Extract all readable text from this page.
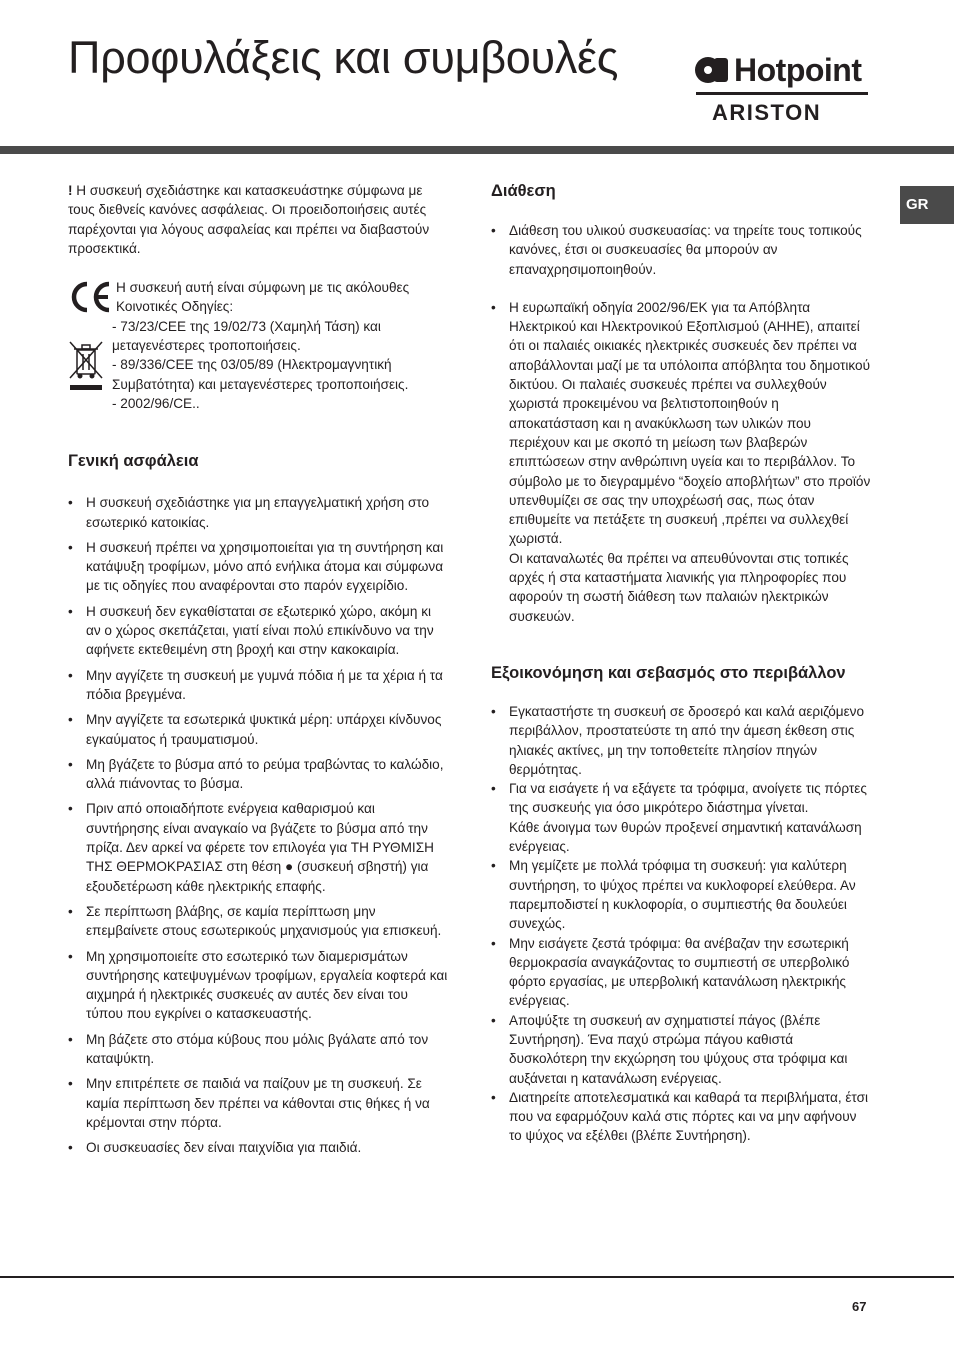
Προφυλάξεις και συμβουλές	Hotpoint
ARISTON
GR

! Η συσκευή σχεδιάστηκε και κατασκευάστηκε σύμφωνα με τους διεθνείς κανόνες ασφάλειας. Οι προειδοποιήσεις αυτές παρέχονται για λόγους ασφαλείας και πρέπει να διαβαστούν προσεκτικά.

Η συσκευή αυτή είναι σύμφωνη με τις ακόλουθες Κοινοτικές Οδηγίες:

- 73/23/CEE της 19/02/73 (Χαμηλή Τάση) και μεταγενέστερες τροποποιήσεις.

- 89/336/CEE της 03/05/89 (Ηλεκτρομαγνητική Συμβατότητα) και μεταγενέστερες τροποποιήσεις.

- 2002/96/CE..

Γενική ασφάλεια
• Η συσκευή σχεδιάστηκε για μη επαγγελματική χρήση στο εσωτερικό κατοικίας.
• Η συσκευή πρέπει να χρησιμοποιείται για τη συντήρηση και κατάψυξη τροφίμων, μόνο από ενήλικα άτομα και σύμφωνα με τις οδηγίες που αναφέρονται στο παρόν εγχειρίδιο.
• Η συσκευή δεν εγκαθίσταται σε εξωτερικό χώρο, ακόμη κι αν ο χώρος σκεπάζεται, γιατί είναι πολύ επικίνδυνο να την αφήνετε εκτεθειμένη στη βροχή και στην κακοκαιρία.
• Μην αγγίζετε τη συσκευή με γυμνά πόδια ή με τα χέρια ή τα πόδια βρεγμένα.
• Μην αγγίζετε τα εσωτερικά ψυκτικά μέρη: υπάρχει κίνδυνος εγκαύματος ή τραυματισμού.
• Μη βγάζετε το βύσμα από το ρεύμα τραβώντας το καλώδιο, αλλά πιάνοντας το βύσμα.
• Πριν από οποιαδήποτε ενέργεια καθαρισμού και συντήρησης είναι αναγκαίο να βγάζετε το βύσμα από την πρίζα. Δεν αρκεί να φέρετε τον επιλογέα για ΤΗ ΡΥΘΜΙΣΗ ΤΗΣ ΘΕΡΜΟΚΡΑΣΙΑΣ στη θέση ● (συσκευή σβηστή) για εξουδετέρωση κάθε ηλεκτρικής επαφής.
• Σε περίπτωση βλάβης, σε καμία περίπτωση μην επεμβαίνετε στους εσωτερικούς μηχανισμούς για επισκευή.
• Μη χρησιμοποιείτε στο εσωτερικό των διαμερισμάτων συντήρησης κατεψυγμένων τροφίμων, εργαλεία κοφτερά και αιχμηρά ή ηλεκτρικές συσκευές αν αυτές δεν είναι του τύπου που εγκρίνει ο κατασκευαστής.
• Μη βάζετε στο στόμα κύβους που μόλις βγάλατε από τον καταψύκτη.
• Μην επιτρέπετε σε παιδιά να παίζουν με τη συσκευή. Σε καμία περίπτωση δεν πρέπει να κάθονται στις θήκες ή να κρέμονται στην πόρτα.
• Οι συσκευασίες δεν είναι παιχνίδια για παιδιά.
Διάθεση
• Διάθεση του υλικού συσκευασίας: να τηρείτε τους τοπικούς κανόνες, έτσι οι συσκευασίες θα μπορούν αν επαναχρησιμοποιηθούν.

• Η ευρωπαϊκή οδηγία 2002/96/ΕΚ για τα Απόβλητα Ηλεκτρικού και Ηλεκτρονικού Εξοπλισμού (ΑΗΗΕ), απαιτεί ότι οι παλαιές οικιακές ηλεκτρικές συσκευές δεν πρέπει να αποβάλλονται μαζί με τα υπόλοιπα απόβλητα του δημοτικού δικτύου. Οι παλαιές συσκευές πρέπει να συλλεχθούν χωριστά προκειμένου να βελτιστοποιηθούν η αποκατάσταση και η ανακύκλωση των υλικών που περιέχουν και με σκοπό τη μείωση των βλαβερών επιπτώσεων στην ανθρώπινη υγεία και το περιβάλλον. Το σύμβολο με το διεγραμμένο “δοχείο αποβλήτων” στο προϊόν υπενθυμίζει σε σας την υποχρέωσή σας, πως όταν επιθυμείτε να πετάξετε τη συσκευή ,πρέπει να συλλεχθεί χωριστά.

Οι καταναλωτές θα πρέπει να απευθύνονται στις τοπικές αρχές ή στα καταστήματα λιανικής για πληροφορίες που αφορούν τη σωστή διάθεση των παλαιών ηλεκτρικών συσκευών.

Εξοικονόμηση και σεβασμός στο περιβάλλον

• Εγκαταστήστε τη συσκευή σε δροσερό και καλά αεριζόμενο περιβάλλον, προστατεύστε τη από την άμεση έκθεση στις ηλιακές ακτίνες, μη την τοποθετείτε πλησίον πηγών θερμότητας.

• Για να εισάγετε ή να εξάγετε τα τρόφιμα, ανοίγετε τις πόρτες της συσκευής για όσο μικρότερο διάστημα γίνεται.

Κάθε άνοιγμα των θυρών προξενεί σημαντική κατανάλωση ενέργειας.

• Μη γεμίζετε με πολλά τρόφιμα τη συσκευή: για καλύτερη συντήρηση, το ψύχος πρέπει να κυκλοφορεί ελεύθερα. Αν παρεμποδιστεί η κυκλοφορία, ο συμπιεστής θα δουλεύει συνεχώς.

• Μην εισάγετε ζεστά τρόφιμα: θα ανέβαζαν την εσωτερική θερμοκρασία αναγκάζοντας το συμπιεστή σε υπερβολικό φόρτο εργασίας, με υπερβολική κατανάλωση ηλεκτρικής ενέργειας.

• Αποψύξτε τη συσκευή αν σχηματιστεί πάγος (βλέπε Συντήρηση). Ένα παχύ στρώμα πάγου καθιστά δυσκολότερη την εκχώρηση του ψύχους στα τρόφιμα και αυξάνεται η κατανάλωση ενέργειας.

• Διατηρείτε αποτελεσματικά και καθαρά τα περιβλήματα, έτσι που να εφαρμόζουν καλά στις πόρτες και να μην αφήνουν το ψύχος να εξέλθει (βλέπε Συντήρηση).

67
